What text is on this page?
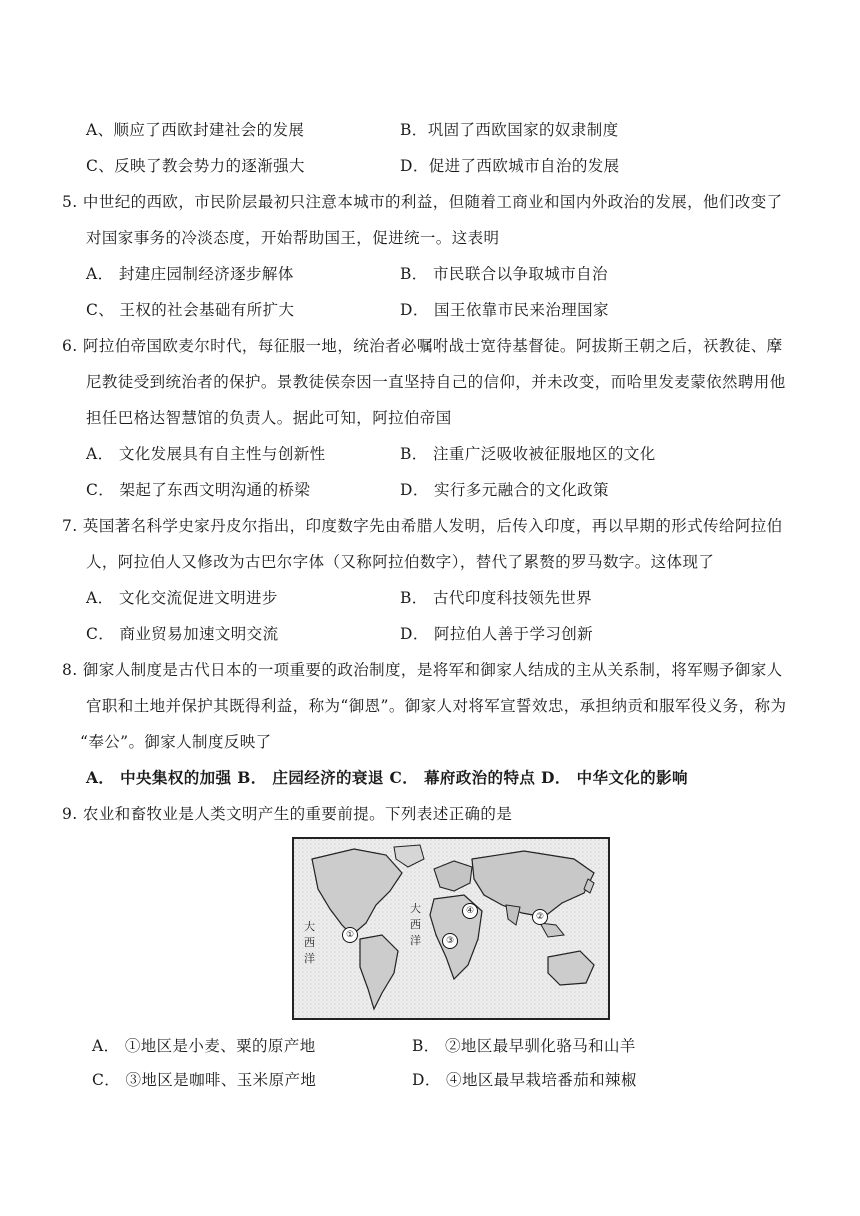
A、顺应了西欧封建社会的发展	B．巩固了西欧国家的奴隶制度
C、反映了教会势力的逐渐强大	D．促进了西欧城市自治的发展
5. 中世纪的西欧，市民阶层最初只注意本城市的利益，但随着工商业和国内外政治的发展，他们改变了
对国家事务的冷淡态度，开始帮助国王，促进统一。这表明
A． 封建庄园制经济逐步解体	B． 市民联合以争取城市自治
C、 王权的社会基础有所扩大	D． 国王依靠市民来治理国家
6. 阿拉伯帝国欧麦尔时代，每征服一地，统治者必嘱咐战士宽待基督徒。阿拔斯王朝之后，祆教徒、摩
尼教徒受到统治者的保护。景教徒侯奈因一直坚持自己的信仰，并未改变，而哈里发麦蒙依然聘用他
担任巴格达智慧馆的负责人。据此可知，阿拉伯帝国
A． 文化发展具有自主性与创新性	B． 注重广泛吸收被征服地区的文化
C． 架起了东西文明沟通的桥梁	D． 实行多元融合的文化政策
7. 英国著名科学史家丹皮尔指出，印度数字先由希腊人发明，后传入印度，再以早期的形式传给阿拉伯
人，阿拉伯人又修改为古巴尔字体（又称阿拉伯数字），替代了累赘的罗马数字。这体现了
A． 文化交流促进文明进步	B． 古代印度科技领先世界
C． 商业贸易加速文明交流	D． 阿拉伯人善于学习创新
8. 御家人制度是古代日本的一项重要的政治制度，是将军和御家人结成的主从关系制，将军赐予御家人
官职和土地并保护其既得利益，称为“御恩”。御家人对将军宣誓效忠，承担纳贡和服军役义务，称为
“奉公”。御家人制度反映了
A． 中央集权的加强 B． 庄园经济的衰退 C． 幕府政治的特点 D． 中华文化的影响
9. 农业和畜牧业是人类文明产生的重要前提。下列表述正确的是
①
③
②
④
大
西
洋
大
西
洋
A． ①地区是小麦、粟的原产地	B． ②地区最早驯化骆马和山羊
C． ③地区是咖啡、玉米原产地	D． ④地区最早栽培番茄和辣椒
